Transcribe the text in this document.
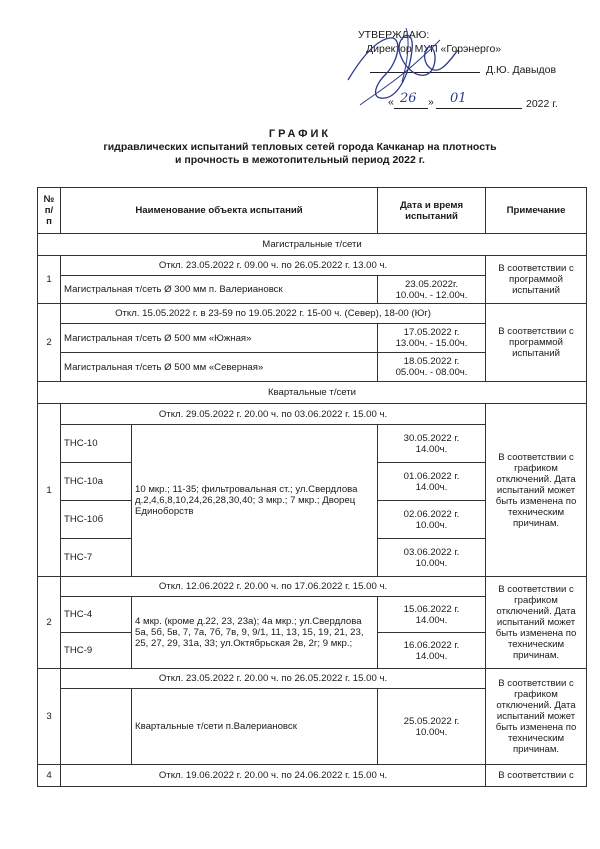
УТВЕРЖДАЮ:
Директор МУП «Горэнерго»
Д.Ю. Давыдов
« 26	» 01	2022 г.
ГРАФИК
гидравлических испытаний тепловых сетей города Качканар на плотность
и прочность в межотопительный период 2022 г.
№ п/ п	Наименование объекта испытаний		Дата и время испытаний	Примечание
Магистральные т/сети				
1	Откл. 23.05.2022 г. 09.00 ч. по 26.05.2022 г. 13.00 ч.			В соответствии с программой испытаний
	Магистральная т/сеть Ø 300 мм п. Валериановск		23.05.2022г.
10.00ч. - 12.00ч.	

2	Откл. 15.05.2022 г. в 23-59 по 19.05.2022 г. 15-00 ч. (Север), 18-00 (Юг)			В соответствии с программой испытаний
	Магистральная т/сеть Ø 500 мм «Южная»		17.05.2022 г.
13.00ч. - 15.00ч.	

	Магистральная т/сеть Ø 500 мм «Северная»		18.05.2022 г.
05.00ч. - 08.00ч.	

Квартальные т/сети				
1	Откл. 29.05.2022 г. 20.00 ч. по 03.06.2022 г. 15.00 ч.			В соответствии с графиком отключений. Дата испытаний может быть изменена по техническим причинам.
	ТНС-10	10 мкр.; 11-35; фильтровальная ст.; ул.Свердлова д.2,4,6,8,10,24,26,28,30,40; 3 мкр.; 7 мкр.; Дворец Единоборств	30.05.2022 г.
14.00ч.	

	ТНС-10а		01.06.2022 г.
14.00ч.	

	ТНС-10б		02.06.2022 г.
10.00ч.	

	ТНС-7		03.06.2022 г.
10.00ч.	

2	Откл. 12.06.2022 г. 20.00 ч. по 17.06.2022 г. 15.00 ч.			В соответствии с графиком отключений. Дата испытаний может быть изменена по техническим причинам.
	ТНС-4	4 мкр. (кроме д.22, 23, 23а); 4а мкр.; ул.Свердлова 5а, 5б, 5в, 7, 7а, 7б, 7в, 9, 9/1, 11, 13, 15, 19, 21, 23, 25, 27, 29, 31а, 33; ул.Октябрьская 2в, 2г; 9 мкр.;	15.06.2022 г.
14.00ч.	

	ТНС-9		16.06.2022 г.
14.00ч.	

3	Откл. 23.05.2022 г. 20.00 ч. по 26.05.2022 г. 15.00 ч.			В соответствии с графиком отключений. Дата испытаний может быть изменена по техническим причинам.
		Квартальные т/сети п.Валериановск	25.05.2022 г.
10.00ч.	

4	Откл. 19.06.2022 г. 20.00 ч. по 24.06.2022 г. 15.00 ч.			В соответствии с
